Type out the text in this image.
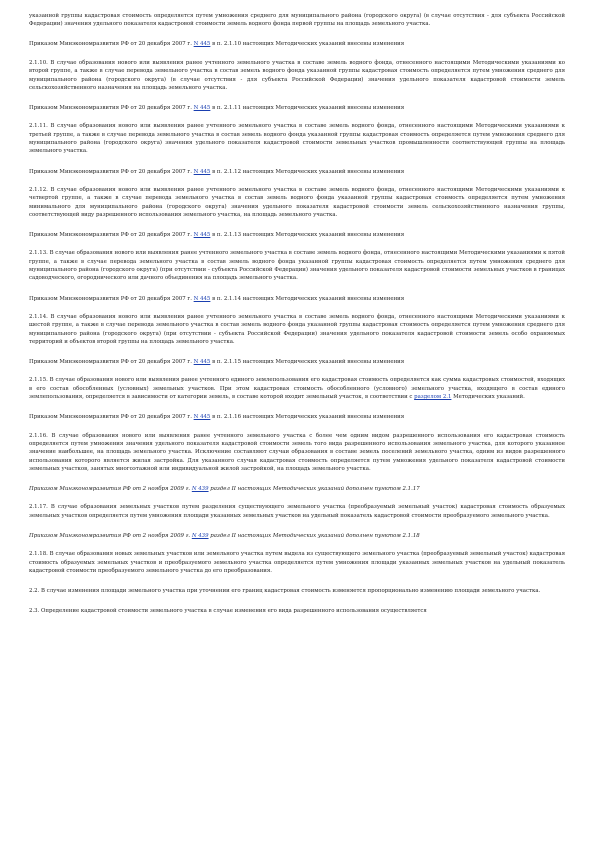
указанной группы кадастровая стоимость определяется путем умножения среднего для муниципального района (городского округа) (в случае отсутствия - для субъекта Российской Федерации) значения удельного показателя кадастровой стоимости земель водного фонда первой группы на площадь земельного участка.

Приказом Минэкономразвития РФ от 20 декабря 2007 г. N 445 в п. 2.1.10 настоящих Методических указаний внесены изменения

2.1.10. В случае образования нового или выявления ранее учтенного земельного участка в составе земель водного фонда, отнесенного настоящими Методическими указаниями ко второй группе, а также в случае перевода земельного участка в состав земель водного фонда указанной группы кадастровая стоимость определяется путем умножения среднего для муниципального района (городского округа) (в случае отсутствия - для субъекта Российской Федерации) значения удельного показателя кадастровой стоимости земель сельскохозяйственного назначения на площадь земельного участка.

Приказом Минэкономразвития РФ от 20 декабря 2007 г. N 445 в п. 2.1.11 настоящих Методических указаний внесены изменения

2.1.11. В случае образования нового или выявления ранее учтенного земельного участка в составе земель водного фонда, отнесенного настоящими Методическими указаниями к третьей группе, а также в случае перевода земельного участка в состав земель водного фонда указанной группы кадастровая стоимость определяется путем умножения среднего для муниципального района (городского округа) значения удельного показателя кадастровой стоимости земельных участков промышленности соответствующей группы на площадь земельного участка.

Приказом Минэкономразвития РФ от 20 декабря 2007 г. N 445 в п. 2.1.12 настоящих Методических указаний внесены изменения

2.1.12. В случае образования нового или выявления ранее учтенного земельного участка в составе земель водного фонда, отнесенного настоящими Методическими указаниями к четвертой группе, а также в случае перевода земельного участка в состав земель водного фонда указанной группы кадастровая стоимость определяется путем умножения минимального для муниципального района (городского округа) значения удельного показателя кадастровой стоимости земель сельскохозяйственного назначения группы, соответствующей виду разрешенного использования земельного участка, на площадь земельного участка.

Приказом Минэкономразвития РФ от 20 декабря 2007 г. N 445 в п. 2.1.13 настоящих Методических указаний внесены изменения

2.1.13. В случае образования нового или выявления ранее учтенного земельного участка в составе земель водного фонда, отнесенного настоящими Методическими указаниями к пятой группе, а также в случае перевода земельного участка в состав земель водного фонда указанной группы кадастровая стоимость определяется путем умножения среднего для муниципального района (городского округа) (при отсутствии - субъекта Российской Федерации) значения удельного показателя кадастровой стоимости земельных участков в границах садоводческого, огороднического или дачного объединения на площадь земельного участка.

Приказом Минэкономразвития РФ от 20 декабря 2007 г. N 445 в п. 2.1.14 настоящих Методических указаний внесены изменения

2.1.14. В случае образования нового или выявления ранее учтенного земельного участка в составе земель водного фонда, отнесенного настоящими Методическими указаниями к шестой группе, а также в случае перевода земельного участка в состав земель водного фонда указанной группы кадастровая стоимость определяется путем умножения среднего для муниципального района (городского округа) (при отсутствии - субъекта Российской Федерации) значения удельного показателя кадастровой стоимости земель особо охраняемых территорий и объектов второй группы на площадь земельного участка.

Приказом Минэкономразвития РФ от 20 декабря 2007 г. N 445 в п. 2.1.15 настоящих Методических указаний внесены изменения

2.1.15. В случае образования нового или выявления ранее учтенного единого землепользования его кадастровая стоимость определяется как сумма кадастровых стоимостей, входящих в его состав обособленных (условных) земельных участков. При этом кадастровая стоимость обособленного (условного) земельного участка, входящего в состав единого землепользования, определяется в зависимости от категории земель, в составе которой входит земельный участок, в соответствии с разделом 2.1 Методических указаний.

Приказом Минэкономразвития РФ от 20 декабря 2007 г. N 445 в п. 2.1.16 настоящих Методических указаний внесены изменения

2.1.16. В случае образования нового или выявления ранее учтенного земельного участка с более чем одним видом разрешенного использования его кадастровая стоимость определяется путем умножения значения удельного показателя кадастровой стоимости земель того вида разрешенного использования земельного участка, для которого указанное значение наибольшее, на площадь земельного участка. Исключение составляют случаи образования в составе земель поселений земельного участка, одним из видов разрешенного использования которого является жилая застройка. Для указанного случая кадастровая стоимость определяется путем умножения удельного показателя кадастровой стоимости земельных участков, занятых многоэтажной или индивидуальной жилой застройкой, на площадь земельного участка.

Приказом Минэкономразвития РФ от 2 ноября 2009 г. N 439 раздел II настоящих Методических указаний дополнен пунктом 2.1.17

2.1.17. В случае образования земельных участков путем разделения существующего земельного участка (преобразуемый земельный участок) кадастровая стоимость образуемых земельных участков определяется путем умножения площади указанных земельных участков на удельный показатель кадастровой стоимости преобразуемого земельного участка.

Приказом Минэкономразвития РФ от 2 ноября 2009 г. N 439 раздел II настоящих Методических указаний дополнен пунктом 2.1.18

2.1.18. В случае образования новых земельных участков или земельного участка путем выдела из существующего земельного участка (преобразуемый земельный участок) кадастровая стоимость образуемых земельных участков и преобразуемого земельного участка определяется путем умножения площади указанных земельных участков на удельный показатель кадастровой стоимости преобразуемого земельного участка до его преобразования.

2.2. В случае изменения площади земельного участка при уточнении его границ кадастровая стоимость изменяется пропорционально изменению площади земельного участка.

2.3. Определение кадастровой стоимости земельного участка в случае изменения его вида разрешенного использования осуществляется
